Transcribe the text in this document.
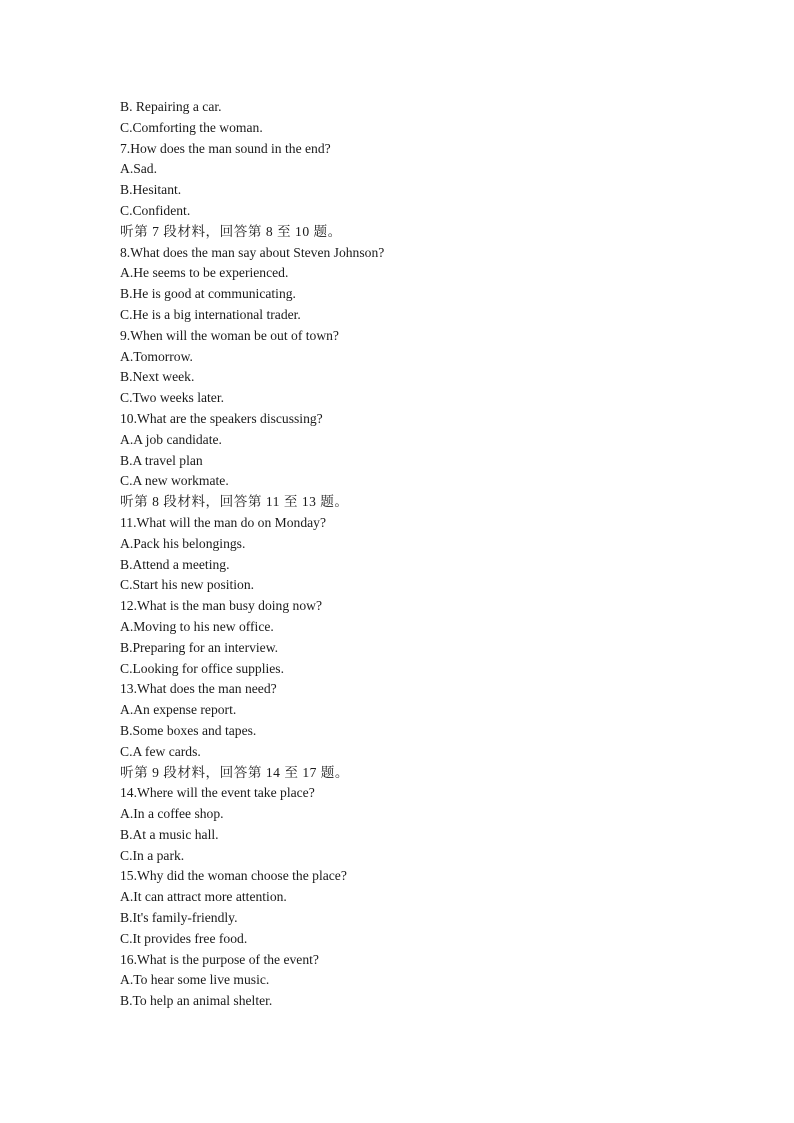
B. Repairing a car.
C.Comforting the woman.
7.How does the man sound in the end?
A.Sad.
B.Hesitant.
C.Confident.
听第 7 段材料，回答第 8 至 10 题。
8.What does the man say about Steven Johnson?
A.He seems to be experienced.
B.He is good at communicating.
C.He is a big international trader.
9.When will the woman be out of town?
A.Tomorrow.
B.Next week.
C.Two weeks later.
10.What are the speakers discussing?
A.A job candidate.
B.A travel plan
C.A new workmate.
听第 8 段材料，回答第 11 至 13 题。
11.What will the man do on Monday?
A.Pack his belongings.
B.Attend a meeting.
C.Start his new position.
12.What is the man busy doing now?
A.Moving to his new office.
B.Preparing for an interview.
C.Looking for office supplies.
13.What does the man need?
A.An expense report.
B.Some boxes and tapes.
C.A few cards.
听第 9 段材料，回答第 14 至 17 题。
14.Where will the event take place?
A.In a coffee shop.
B.At a music hall.
C.In a park.
15.Why did the woman choose the place?
A.It can attract more attention.
B.It's family-friendly.
C.It provides free food.
16.What is the purpose of the event?
A.To hear some live music.
B.To help an animal shelter.
